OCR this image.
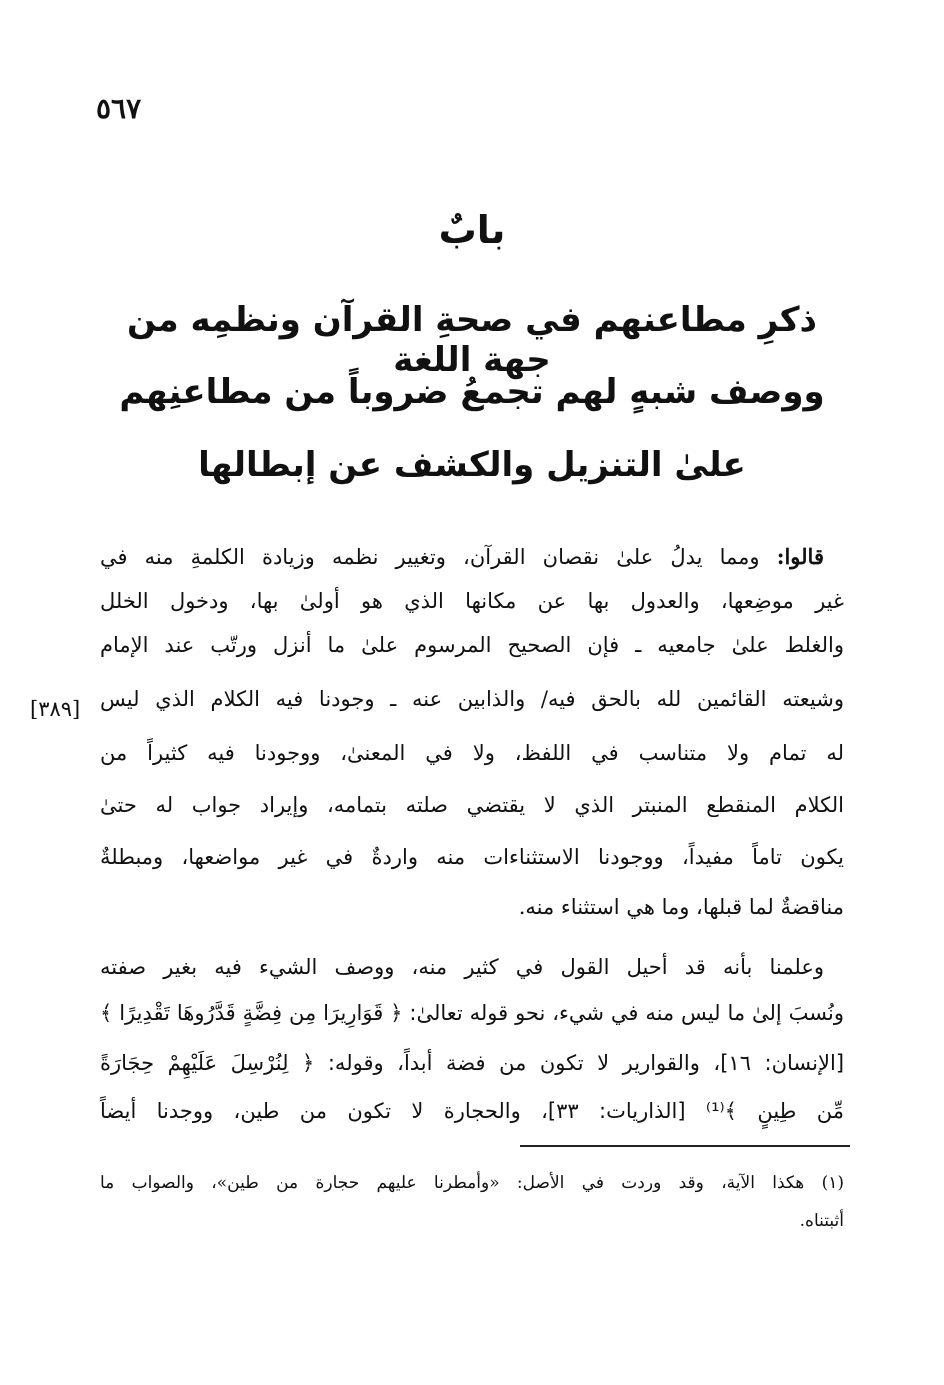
٥٦٧
بابٌ
ذكرِ مطاعنهم في صحةِ القرآن ونظمِه من جهة اللغة
ووصف شبهٍ لهم تجمعُ ضروباً من مطاعنِهم
علىٰ التنزيل والكشف عن إبطالها
[٣٨٩]
قالوا: ومما يدلُ علىٰ نقصان القرآن، وتغيير نظمه وزيادة الكلمةِ منه في
غير موضِعها، والعدول بها عن مكانها الذي هو أولىٰ بها، ودخول الخلل
والغلط علىٰ جامعيه ـ فإن الصحيح المرسوم علىٰ ما أنزل ورتّب عند الإمام
وشيعته القائمين لله بالحق فيه/ والذابين عنه ـ وجودنا فيه الكلام الذي ليس
له تمام ولا متناسب في اللفظ، ولا في المعنىٰ، ووجودنا فيه كثيراً من
الكلام المنقطع المنبتر الذي لا يقتضي صلته بتمامه، وإيراد جواب له حتىٰ
يكون تاماً مفيداً، ووجودنا الاستثناءات منه واردةٌ في غير مواضعها، ومبطلةٌ
مناقضةٌ لما قبلها، وما هي استثناء منه.
وعلمنا بأنه قد أحيل القول في كثير منه، ووصف الشيء فيه بغير صفته
ونُسبَ إلىٰ ما ليس منه في شيء، نحو قوله تعالىٰ: ﴿ قَوَارِيرَا مِن فِضَّةٍ قَدَّرُوهَا تَقْدِيرًا ﴾
[الإنسان: ١٦]، والقوارير لا تكون من فضة أبداً، وقوله: ﴿ لِنُرْسِلَ عَلَيْهِمْ حِجَارَةً
مِّن طِينٍ ﴾⁽¹⁾ [الذاريات: ٣٣]، والحجارة لا تكون من طين، ووجدنا أيضاً
(١) هكذا الآية، وقد وردت في الأصل: «وأمطرنا عليهم حجارة من طين»، والصواب ما
أثبتناه.
